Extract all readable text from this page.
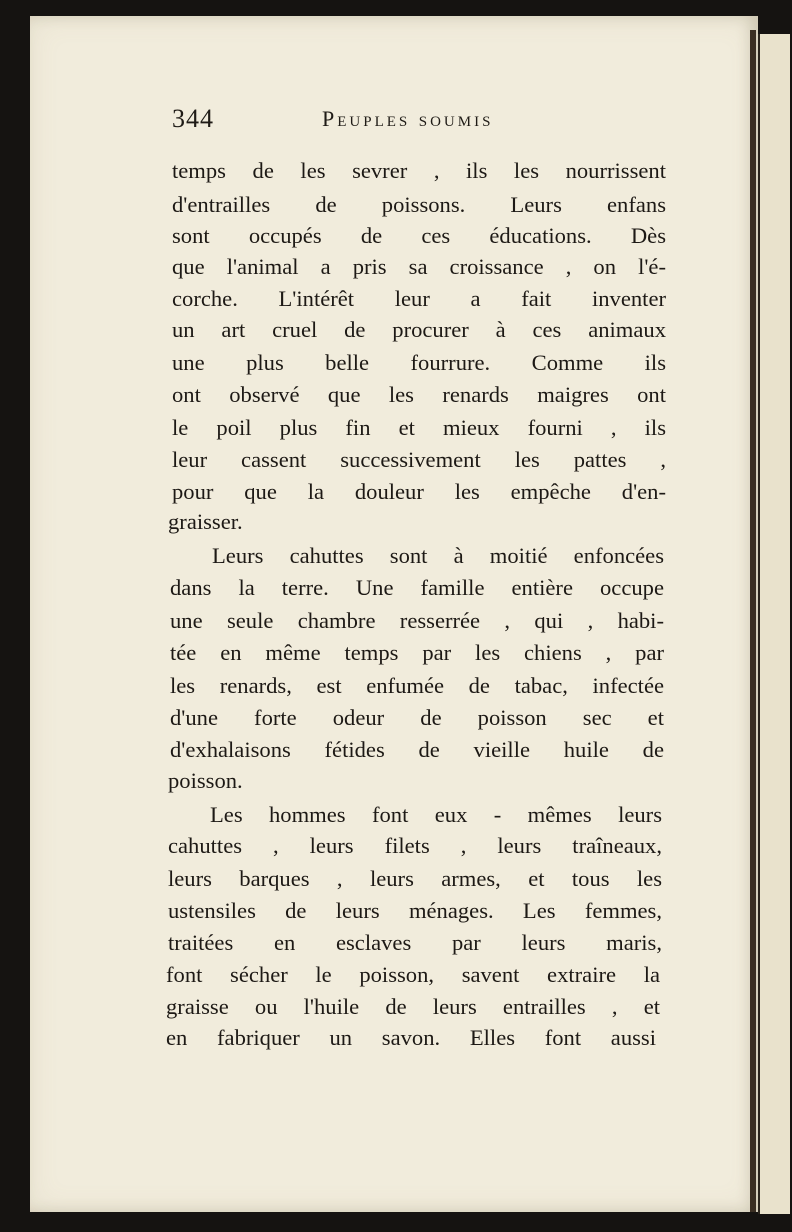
344	Peuples soumis
temps de les sevrer , ils les nourrissent
d'entrailles de poissons. Leurs enfans
sont occupés de ces éducations. Dès
que l'animal a pris sa croissance , on l'é-
corche. L'intérêt leur a fait inventer
un art cruel de procurer à ces animaux
une plus belle fourrure. Comme ils
ont observé que les renards maigres ont
le poil plus fin et mieux fourni , ils
leur cassent successivement les pattes ,
pour que la douleur les empêche d'en-
graisser.
Leurs cahuttes sont à moitié enfoncées
dans la terre. Une famille entière occupe
une seule chambre resserrée , qui , habi-
tée en même temps par les chiens , par
les renards, est enfumée de tabac, infectée
d'une forte odeur de poisson sec et
d'exhalaisons fétides de vieille huile de
poisson.
Les hommes font eux - mêmes leurs
cahuttes , leurs filets , leurs traîneaux,
leurs barques , leurs armes, et tous les
ustensiles de leurs ménages. Les femmes,
traitées en esclaves par leurs maris,
font sécher le poisson, savent extraire la
graisse ou l'huile de leurs entrailles , et
en fabriquer un savon. Elles font aussi
